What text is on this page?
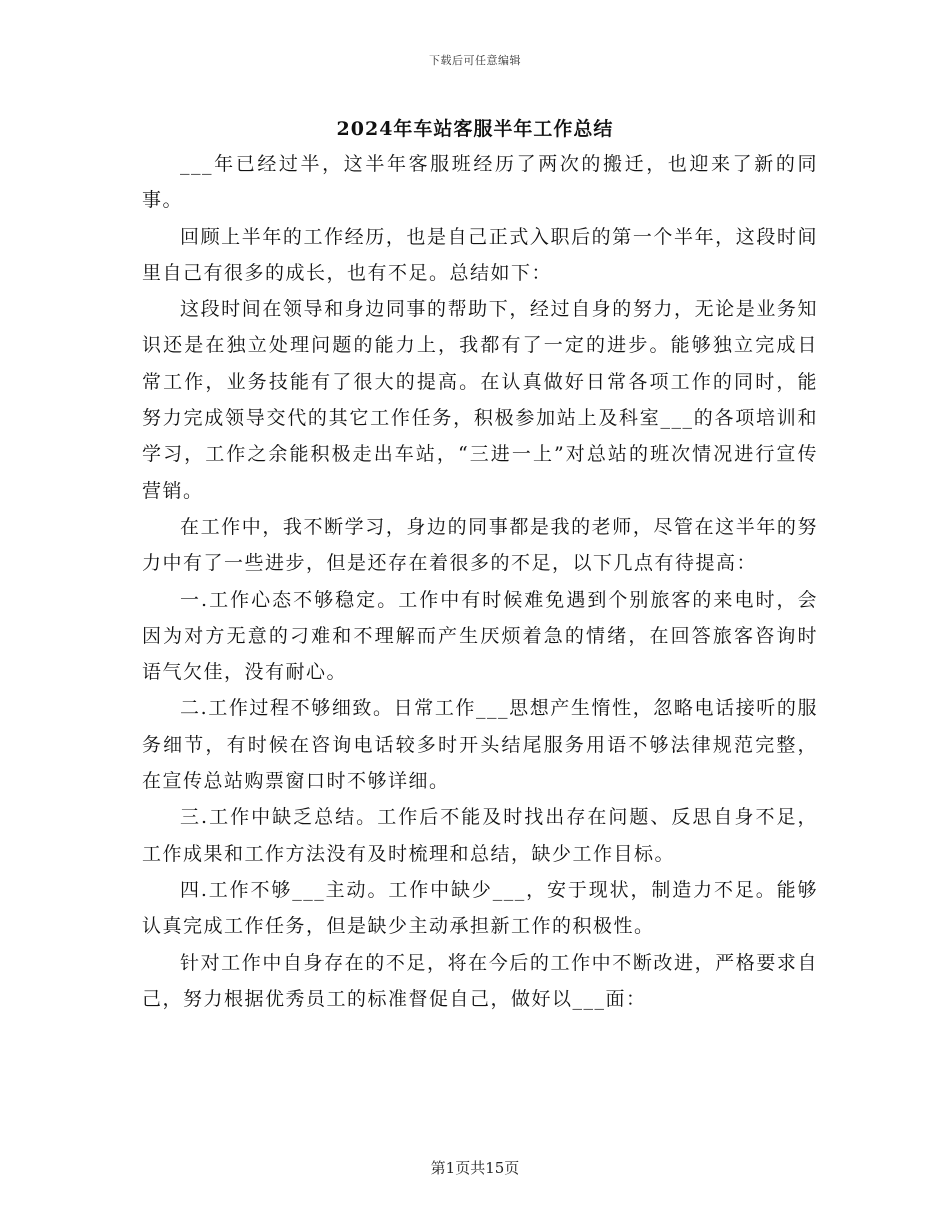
下载后可任意编辑
2024年车站客服半年工作总结

___年已经过半，这半年客服班经历了两次的搬迁，也迎来了新的同事。

回顾上半年的工作经历，也是自己正式入职后的第一个半年，这段时间里自己有很多的成长，也有不足。总结如下：

这段时间在领导和身边同事的帮助下，经过自身的努力，无论是业务知识还是在独立处理问题的能力上，我都有了一定的进步。能够独立完成日常工作，业务技能有了很大的提高。在认真做好日常各项工作的同时，能努力完成领导交代的其它工作任务，积极参加站上及科室___的各项培训和学习，工作之余能积极走出车站，“三进一上”对总站的班次情况进行宣传营销。

在工作中，我不断学习，身边的同事都是我的老师，尽管在这半年的努力中有了一些进步，但是还存在着很多的不足，以下几点有待提高：

一.工作心态不够稳定。工作中有时候难免遇到个别旅客的来电时，会因为对方无意的刁难和不理解而产生厌烦着急的情绪，在回答旅客咨询时语气欠佳，没有耐心。

二.工作过程不够细致。日常工作___思想产生惰性，忽略电话接听的服务细节，有时候在咨询电话较多时开头结尾服务用语不够法律规范完整，在宣传总站购票窗口时不够详细。

三.工作中缺乏总结。工作后不能及时找出存在问题、反思自身不足，工作成果和工作方法没有及时梳理和总结，缺少工作目标。

四.工作不够___主动。工作中缺少___，安于现状，制造力不足。能够认真完成工作任务，但是缺少主动承担新工作的积极性。

针对工作中自身存在的不足，将在今后的工作中不断改进，严格要求自己，努力根据优秀员工的标准督促自己，做好以___面：

第1页共15页
